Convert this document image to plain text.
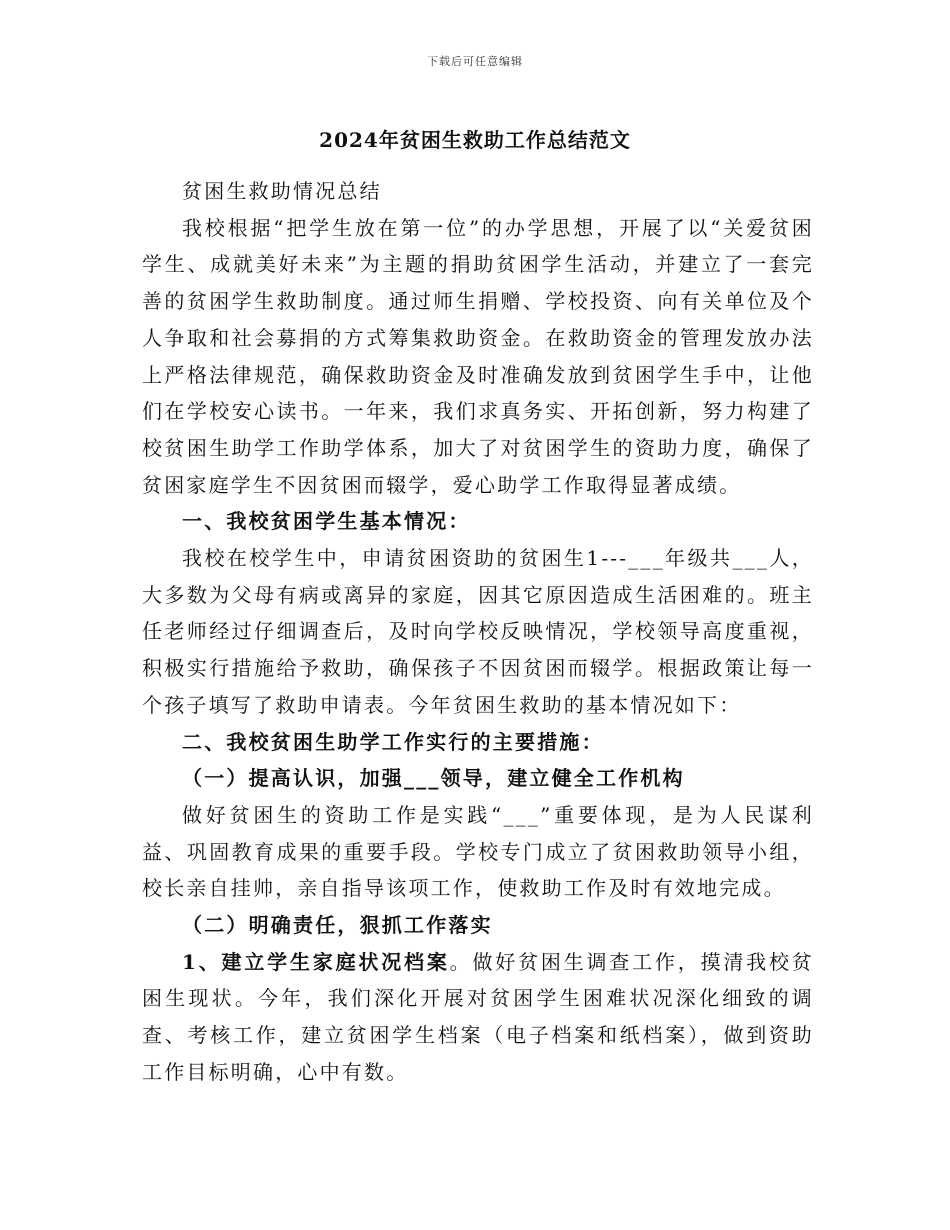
下载后可任意编辑
2024年贫困生救助工作总结范文

贫困生救助情况总结

我校根据“把学生放在第一位”的办学思想，开展了以“关爱贫困学生、成就美好未来”为主题的捐助贫困学生活动，并建立了一套完善的贫困学生救助制度。通过师生捐赠、学校投资、向有关单位及个人争取和社会募捐的方式筹集救助资金。在救助资金的管理发放办法上严格法律规范，确保救助资金及时准确发放到贫困学生手中，让他们在学校安心读书。一年来，我们求真务实、开拓创新，努力构建了校贫困生助学工作助学体系，加大了对贫困学生的资助力度，确保了贫困家庭学生不因贫困而辍学，爱心助学工作取得显著成绩。

一、我校贫困学生基本情况：

我校在校学生中，申请贫困资助的贫困生1---___年级共___人，大多数为父母有病或离异的家庭，因其它原因造成生活困难的。班主任老师经过仔细调查后，及时向学校反映情况，学校领导高度重视，积极实行措施给予救助，确保孩子不因贫困而辍学。根据政策让每一个孩子填写了救助申请表。今年贫困生救助的基本情况如下：

二、我校贫困生助学工作实行的主要措施：

（一）提高认识，加强___领导，建立健全工作机构

做好贫困生的资助工作是实践“___”重要体现，是为人民谋利益、巩固教育成果的重要手段。学校专门成立了贫困救助领导小组，校长亲自挂帅，亲自指导该项工作，使救助工作及时有效地完成。

（二）明确责任，狠抓工作落实

1、建立学生家庭状况档案。做好贫困生调查工作，摸清我校贫困生现状。今年，我们深化开展对贫困学生困难状况深化细致的调查、考核工作，建立贫困学生档案（电子档案和纸档案），做到资助工作目标明确，心中有数。
